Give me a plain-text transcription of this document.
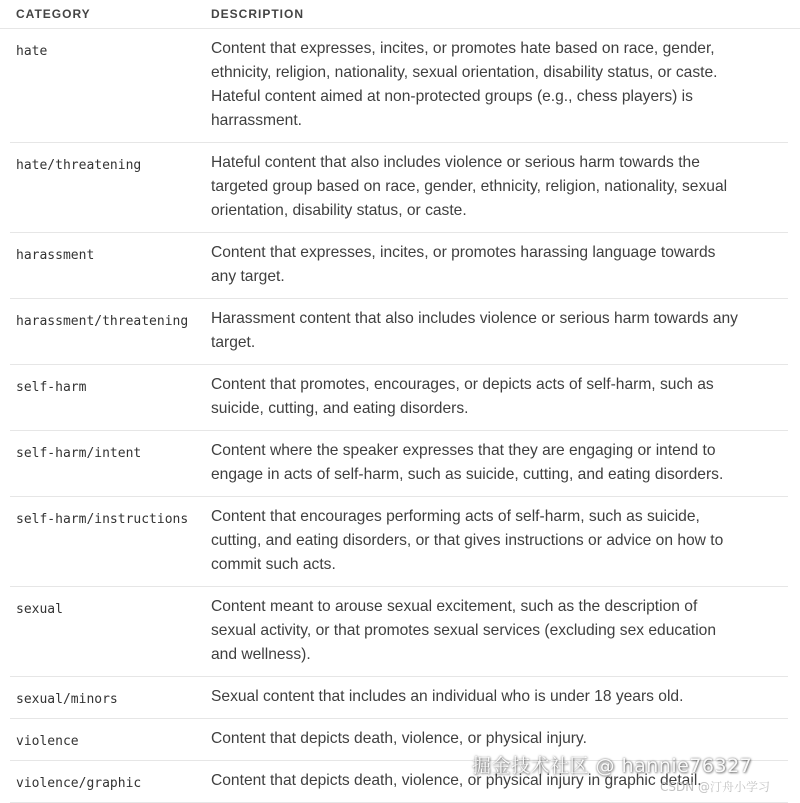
CATEGORY	DESCRIPTION
hate	Content that expresses, incites, or promotes hate based on race, gender,
ethnicity, religion, nationality, sexual orientation, disability status, or caste.
Hateful content aimed at non-protected groups (e.g., chess players) is
harrassment.
hate/threatening	Hateful content that also includes violence or serious harm towards the
targeted group based on race, gender, ethnicity, religion, nationality, sexual
orientation, disability status, or caste.
harassment	Content that expresses, incites, or promotes harassing language towards
any target.
harassment/threatening Harassment content that also includes violence or serious harm towards any
target.
self-harm	Content that promotes, encourages, or depicts acts of self-harm, such as
suicide, cutting, and eating disorders.
self-harm/intent	Content where the speaker expresses that they are engaging or intend to
engage in acts of self-harm, such as suicide, cutting, and eating disorders.
self-harm/instructions Content that encourages performing acts of self-harm, such as suicide,
cutting, and eating disorders, or that gives instructions or advice on how to
commit such acts.
sexual	Content meant to arouse sexual excitement, such as the description of
sexual activity, or that promotes sexual services (excluding sex education
and wellness).
sexual/minors	Sexual content that includes an individual who is under 18 years old.
violence	Content that depicts death, violence, or physical injury.
violence/graphic	Content that depicts death, violence, or physical injury in graphic detail.
掘金技术社区 @ hannie76327
CSDN @汀舟小学习
